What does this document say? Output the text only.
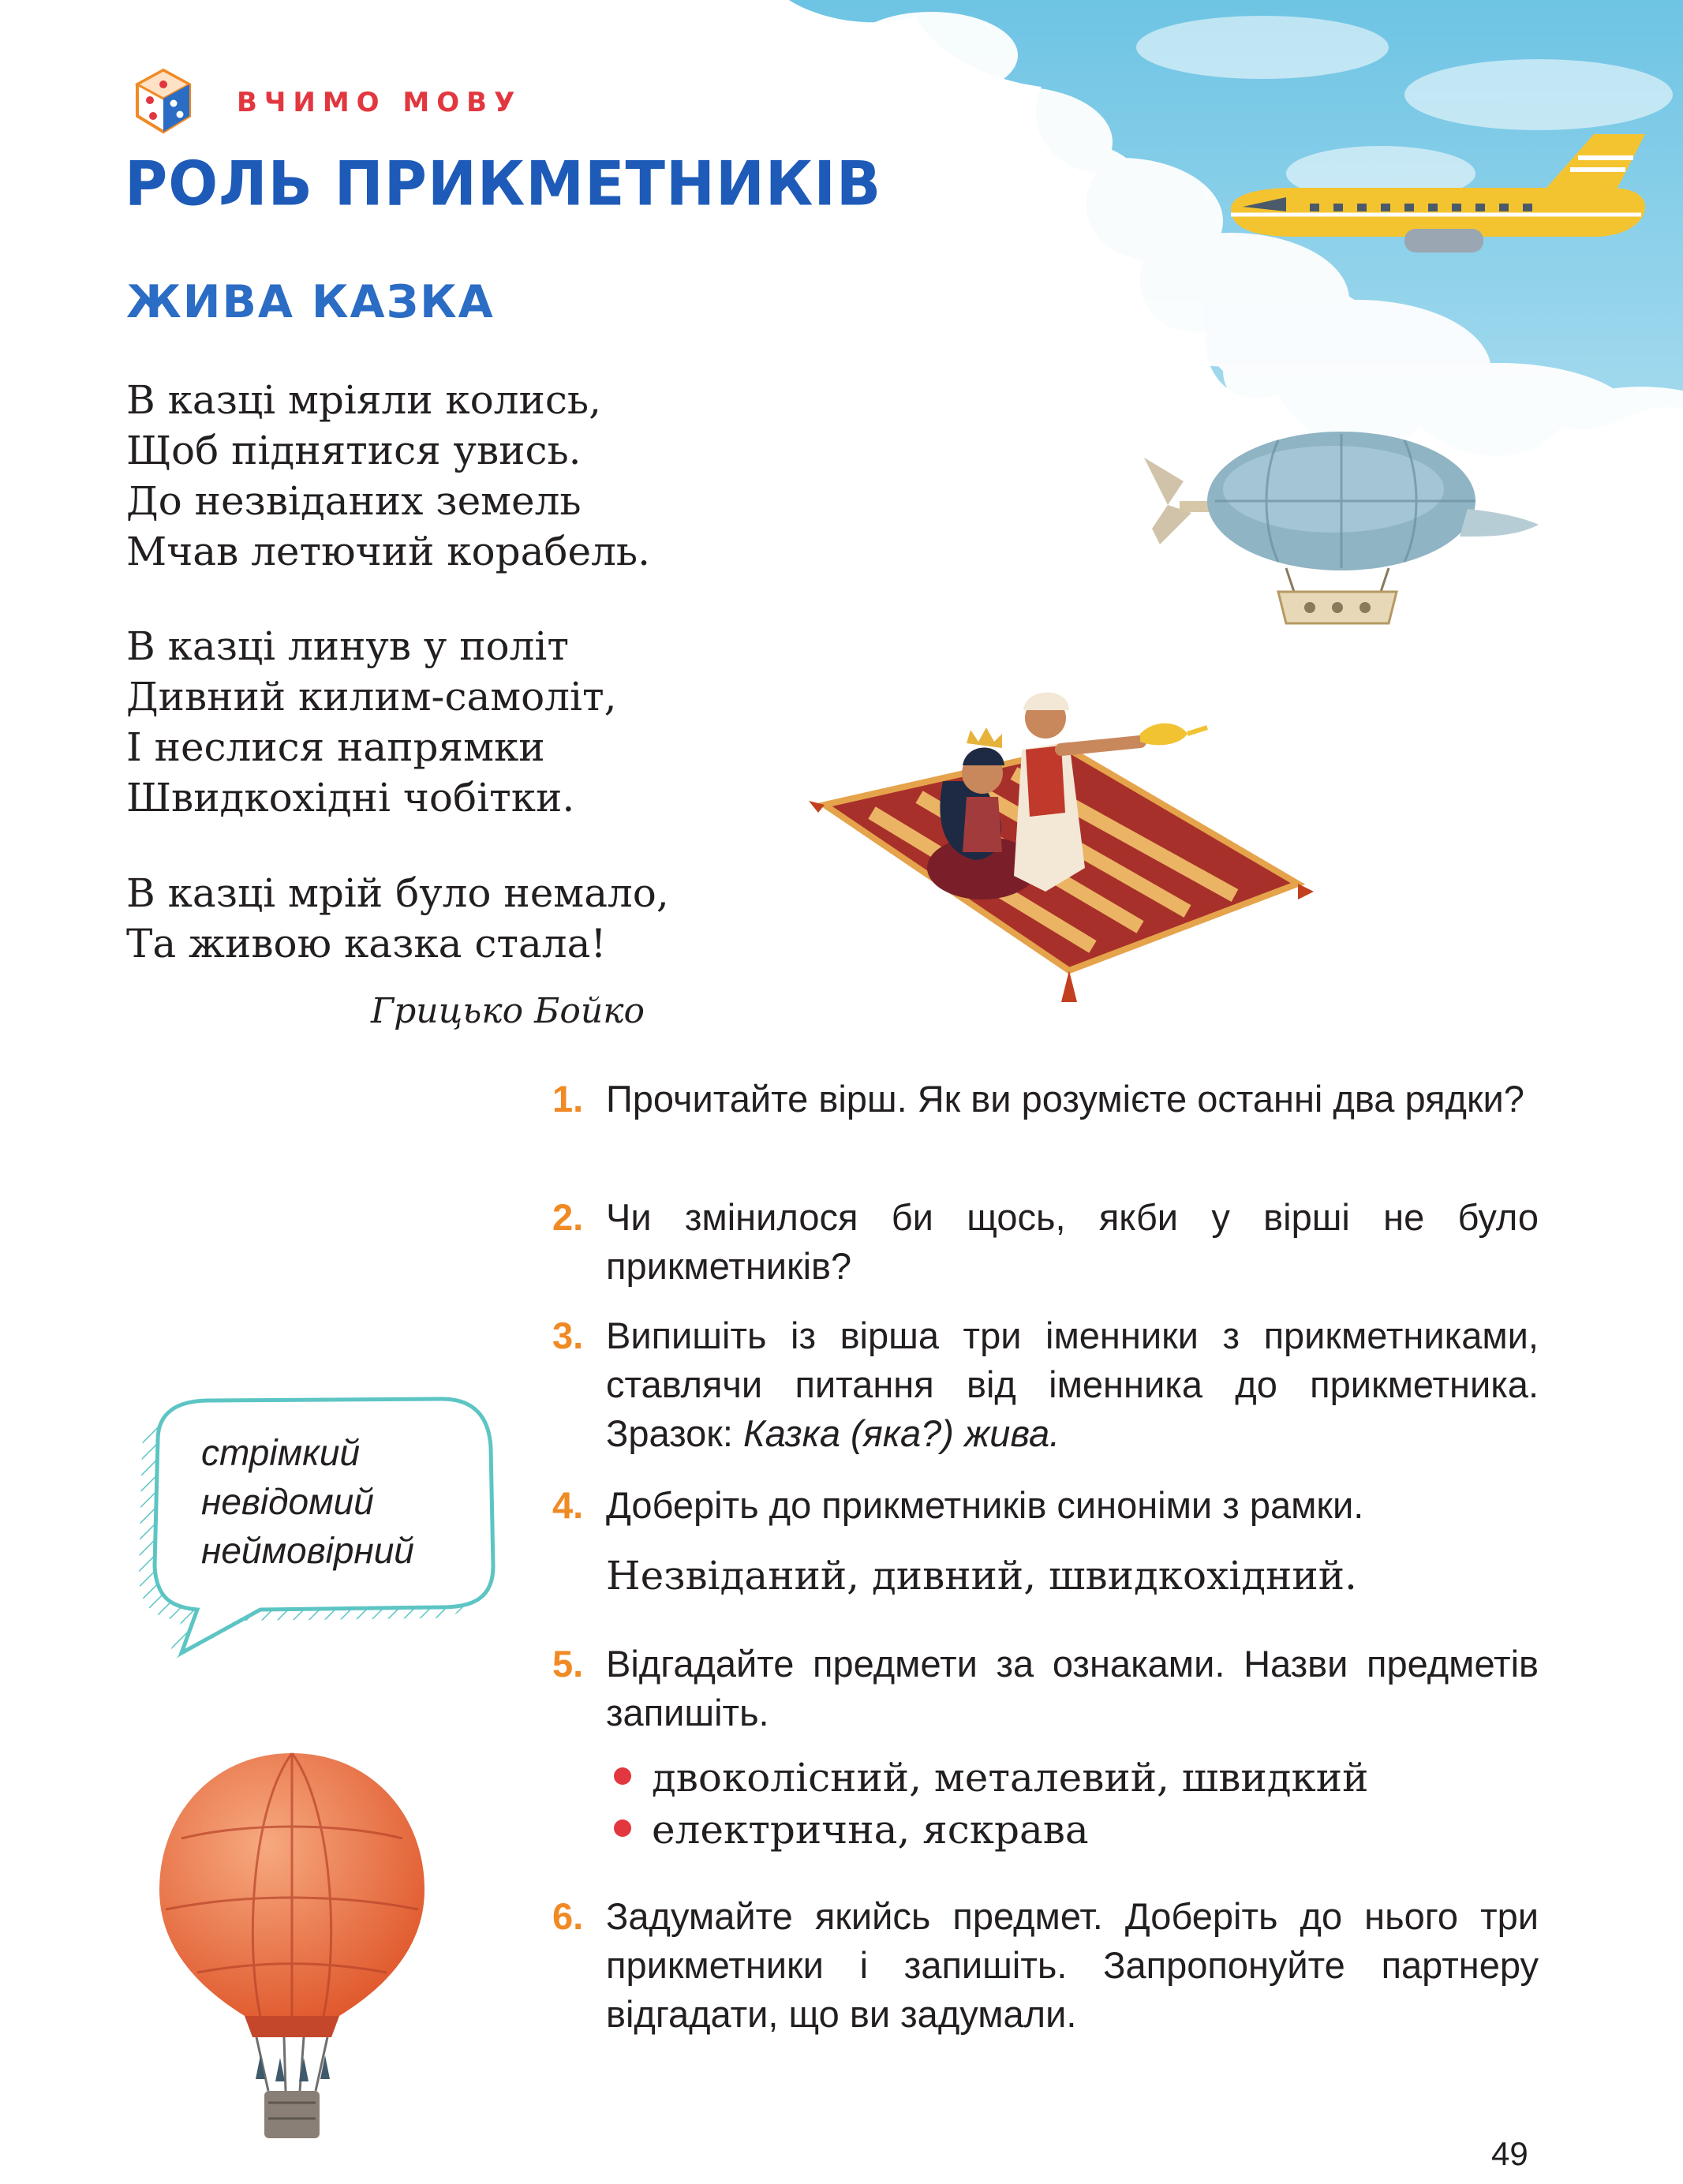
ВЧИМО МОВУ
РОЛЬ ПРИКМЕТНИКІВ
ЖИВА КАЗКА
В казці мріяли колись,
Щоб піднятися увись.
До незвіданих земель
Мчав летючий корабель.
В казці линув у політ
Дивний килим-самоліт,
І неслися напрямки
Швидкохідні чобітки.
В казці мрій було немало,
Та живою казка стала!
Грицько Бойко
1. Прочитайте вірш. Як ви розумієте останні два рядки?
2. Чи змінилося би щось, якби у вірші не було прикметників?
3. Випишіть із вірша три іменники з прикметниками, ставлячи питання від іменника до прикметника. Зразок: Казка (яка?) жива.
4. Доберіть до прикметників синоніми з рамки.
Незвіданий, дивний, швидкохідний.
5. Відгадайте предмети за ознаками. Назви предметів запишіть.
двоколісний, металевий, швидкий
електрична, яскрава
6. Задумайте якийсь предмет. Доберіть до нього три прикметники і запишіть. Запропонуйте партнеру відгадати, що ви задумали.
стрімкий
невідомий
неймовірний
49
